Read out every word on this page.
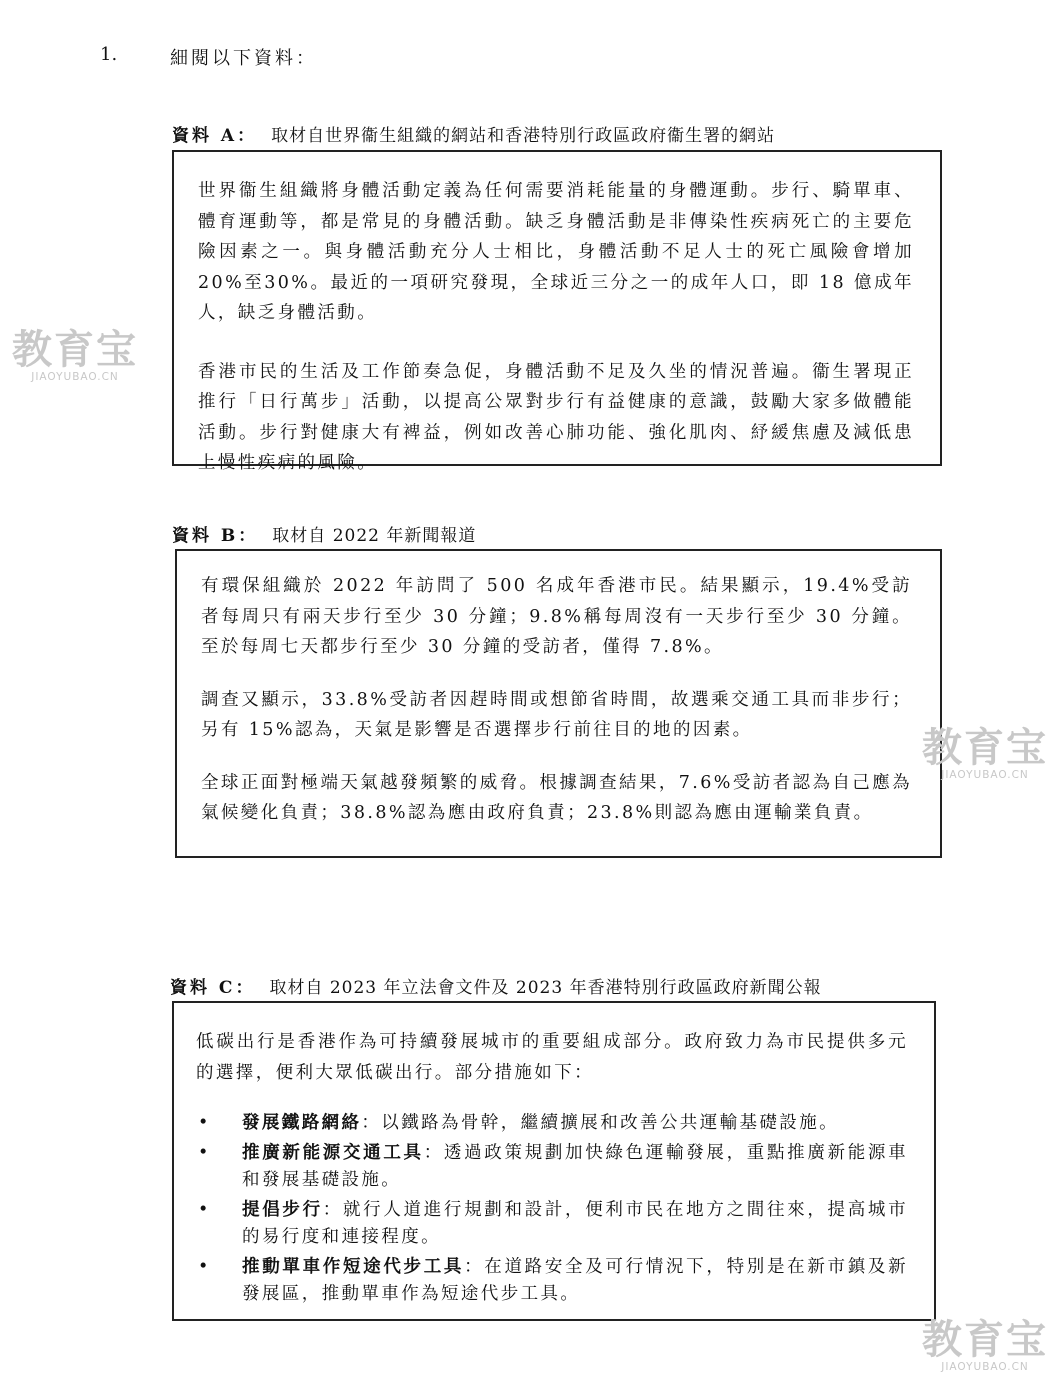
1.	細閱以下資料：
資料 A： 取材自世界衞生組織的網站和香港特別行政區政府衞生署的網站

世界衞生組織將身體活動定義為任何需要消耗能量的身體運動。步行、騎單車、體育運動等，都是常見的身體活動。缺乏身體活動是非傳染性疾病死亡的主要危險因素之一。與身體活動充分人士相比，身體活動不足人士的死亡風險會增加 20%至30%。最近的一項研究發現，全球近三分之一的成年人口，即 18 億成年人，缺乏身體活動。

香港市民的生活及工作節奏急促，身體活動不足及久坐的情況普遍。衞生署現正推行「日行萬步」活動，以提高公眾對步行有益健康的意識，鼓勵大家多做體能活動。步行對健康大有裨益，例如改善心肺功能、強化肌肉、紓緩焦慮及減低患上慢性疾病的風險。

資料 B： 取材自 2022 年新聞報道

有環保組織於 2022 年訪問了 500 名成年香港市民。結果顯示，19.4%受訪者每周只有兩天步行至少 30 分鐘；9.8%稱每周沒有一天步行至少 30 分鐘。至於每周七天都步行至少 30 分鐘的受訪者，僅得 7.8%。

調查又顯示，33.8%受訪者因趕時間或想節省時間，故選乘交通工具而非步行；另有 15%認為，天氣是影響是否選擇步行前往目的地的因素。

全球正面對極端天氣越發頻繁的威脅。根據調查結果，7.6%受訪者認為自己應為氣候變化負責；38.8%認為應由政府負責；23.8%則認為應由運輸業負責。

資料 C： 取材自 2023 年立法會文件及 2023 年香港特別行政區政府新聞公報

低碳出行是香港作為可持續發展城市的重要組成部分。政府致力為市民提供多元的選擇，便利大眾低碳出行。部分措施如下：

• 發展鐵路網絡：以鐵路為骨幹，繼續擴展和改善公共運輸基礎設施。
• 推廣新能源交通工具：透過政策規劃加快綠色運輸發展，重點推廣新能源車和發展基礎設施。
• 提倡步行：就行人道進行規劃和設計，便利市民在地方之間往來，提高城市的易行度和連接程度。
• 推動單車作短途代步工具：在道路安全及可行情況下，特別是在新市鎮及新發展區，推動單車作為短途代步工具。
教育宝
JIAOYUBAO.CN
教育宝
JIAOYUBAO.CN
教育宝
JIAOYUBAO.CN
